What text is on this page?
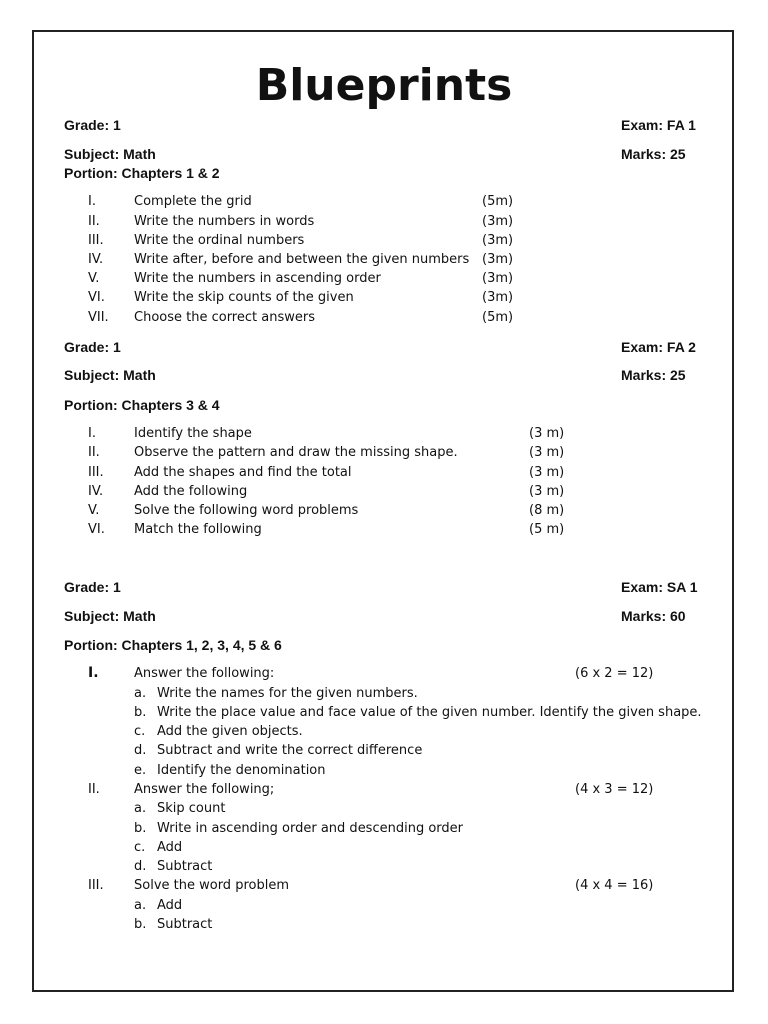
Blueprints
Grade: 1	Exam: FA 1
Subject: Math	Marks: 25
Portion: Chapters 1 & 2
I.	Complete the grid	(5m)
II.	Write the numbers in words	(3m)
III. Write the ordinal numbers	(3m)
IV. Write after, before and between the given numbers (3m)
V.	Write the numbers in ascending order	(3m)
VI. Write the skip counts of the given	(3m)
VII. Choose the correct answers	(5m)
Grade: 1	Exam: FA 2
Subject: Math	Marks: 25
Portion: Chapters 3 & 4
I.	Identify the shape	(3 m)
II.	Observe the pattern and draw the missing shape.	(3 m)
III. Add the shapes and find the total	(3 m)
IV. Add the following	(3 m)
V.	Solve the following word problems	(8 m)
VI. Match the following	(5 m)
Grade: 1	Exam: SA 1
Subject: Math	Marks: 60
Portion: Chapters 1, 2, 3, 4, 5 & 6
I.	Answer the following:	(6 x 2 = 12)
a. Write the names for the given numbers.
b. Write the place value and face value of the given number. Identify the given shape.
c. Add the given objects.
d. Subtract and write the correct difference
e. Identify the denomination
II.	Answer the following;	(4 x 3 = 12)
a. Skip count
b. Write in ascending order and descending order
c. Add
d. Subtract
III. Solve the word problem	(4 x 4 = 16)
a. Add
b. Subtract
